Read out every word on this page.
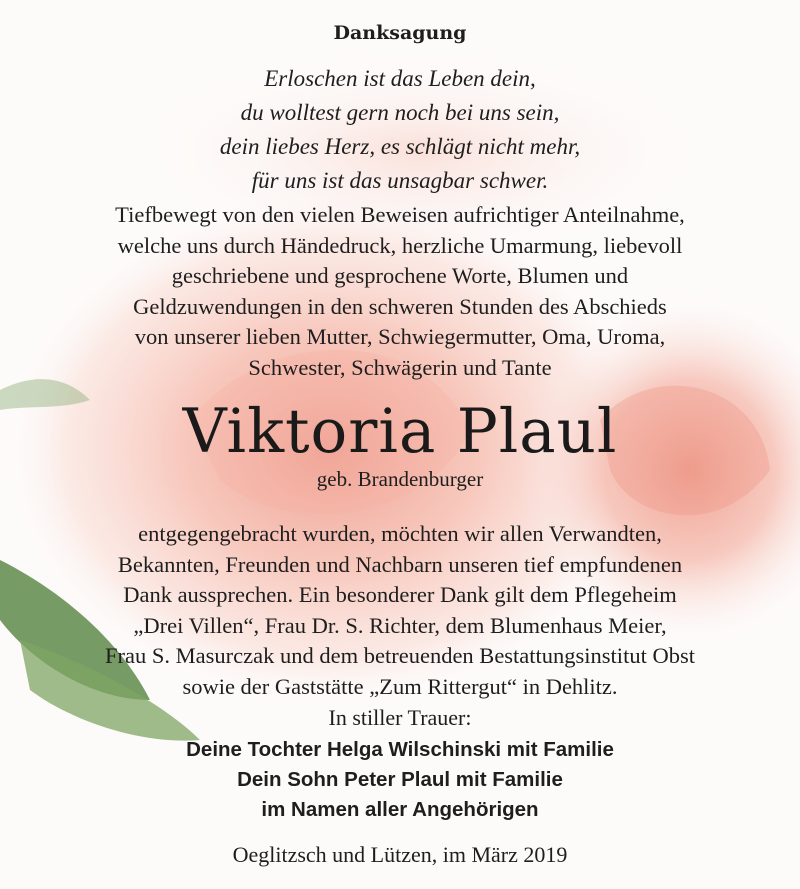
Danksagung
Erloschen ist das Leben dein,
du wolltest gern noch bei uns sein,
dein liebes Herz, es schlägt nicht mehr,
für uns ist das unsagbar schwer.
Tiefbewegt von den vielen Beweisen aufrichtiger Anteilnahme,
welche uns durch Händedruck, herzliche Umarmung, liebevoll
geschriebene und gesprochene Worte, Blumen und
Geldzuwendungen in den schweren Stunden des Abschieds
von unserer lieben Mutter, Schwiegermutter, Oma, Uroma,
Schwester, Schwägerin und Tante
Viktoria Plaul
geb. Brandenburger
entgegengebracht wurden, möchten wir allen Verwandten,
Bekannten, Freunden und Nachbarn unseren tief empfundenen
Dank aussprechen. Ein besonderer Dank gilt dem Pflegeheim
„Drei Villen“, Frau Dr. S. Richter, dem Blumenhaus Meier,
Frau S. Masurczak und dem betreuenden Bestattungsinstitut Obst
sowie der Gaststätte „Zum Rittergut“ in Dehlitz.
In stiller Trauer:
Deine Tochter Helga Wilschinski mit Familie
Dein Sohn Peter Plaul mit Familie
im Namen aller Angehörigen
Oeglitzsch und Lützen, im März 2019
